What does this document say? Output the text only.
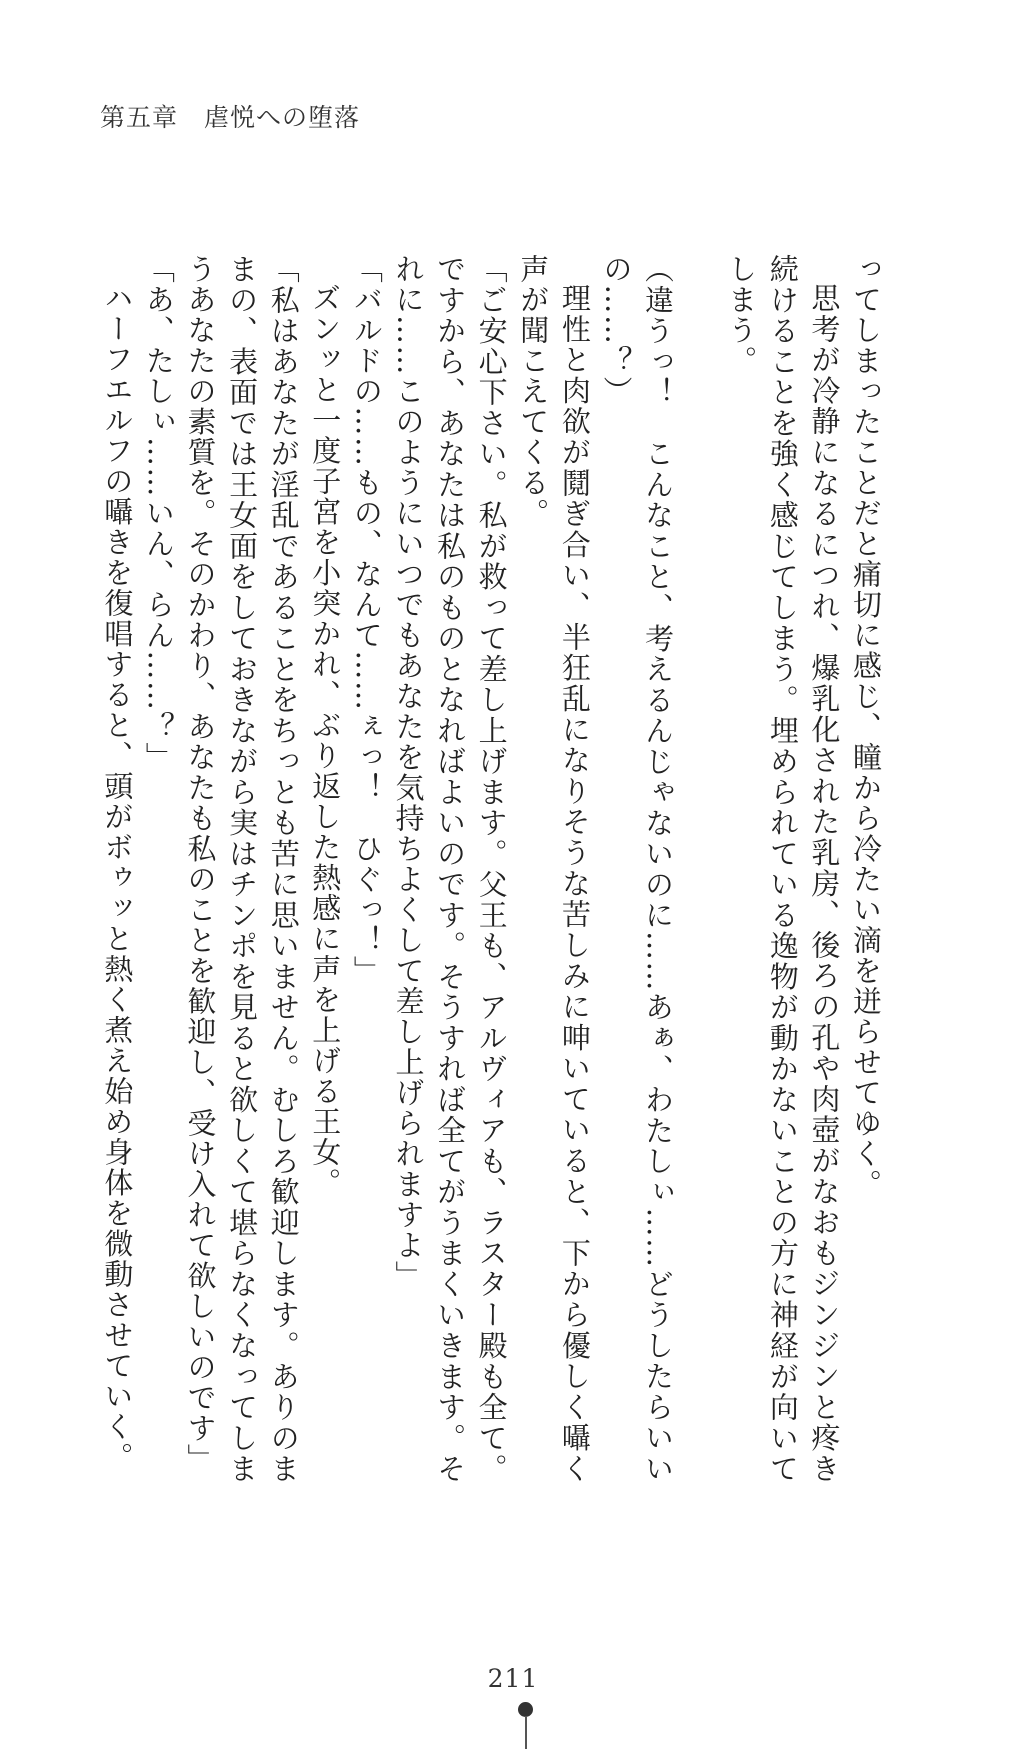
第五章　虐悦への堕落

ってしまったことだと痛切に感じ、瞳から冷たい滴を迸らせてゆく。

思考が冷静になるにつれ、爆乳化された乳房、後ろの孔や肉壺がなおもジンジンと疼き続けることを強く感じてしまう。埋められている逸物が動かないことの方に神経が向いてしまう。

（違うっ！　こんなこと、考えるんじゃないのに……あぁ、わたしぃ……どうしたらいいの……？）

理性と肉欲が鬩ぎ合い、半狂乱になりそうな苦しみに呻いていると、下から優しく囁く声が聞こえてくる。

「ご安心下さい。私が救って差し上げます。父王も、アルヴィアも、ラスター殿も全て。ですから、あなたは私のものとなればよいのです。そうすれば全てがうまくいきます。それに……このようにいつでもあなたを気持ちよくして差し上げられますよ」

「バルドの……もの、なんて……ぇっ！　ひぐっ！」

ズンッと一度子宮を小突かれ、ぶり返した熱感に声を上げる王女。

「私はあなたが淫乱であることをちっとも苦に思いません。むしろ歓迎します。ありのままの、表面では王女面をしておきながら実はチンポを見ると欲しくて堪らなくなってしまうあなたの素質を。そのかわり、あなたも私のことを歓迎し、受け入れて欲しいのです」

「あ、たしぃ……いん、らん……？」

ハーフエルフの囁きを復唱すると、頭がボゥッと熱く煮え始め身体を微動させていく。

211
